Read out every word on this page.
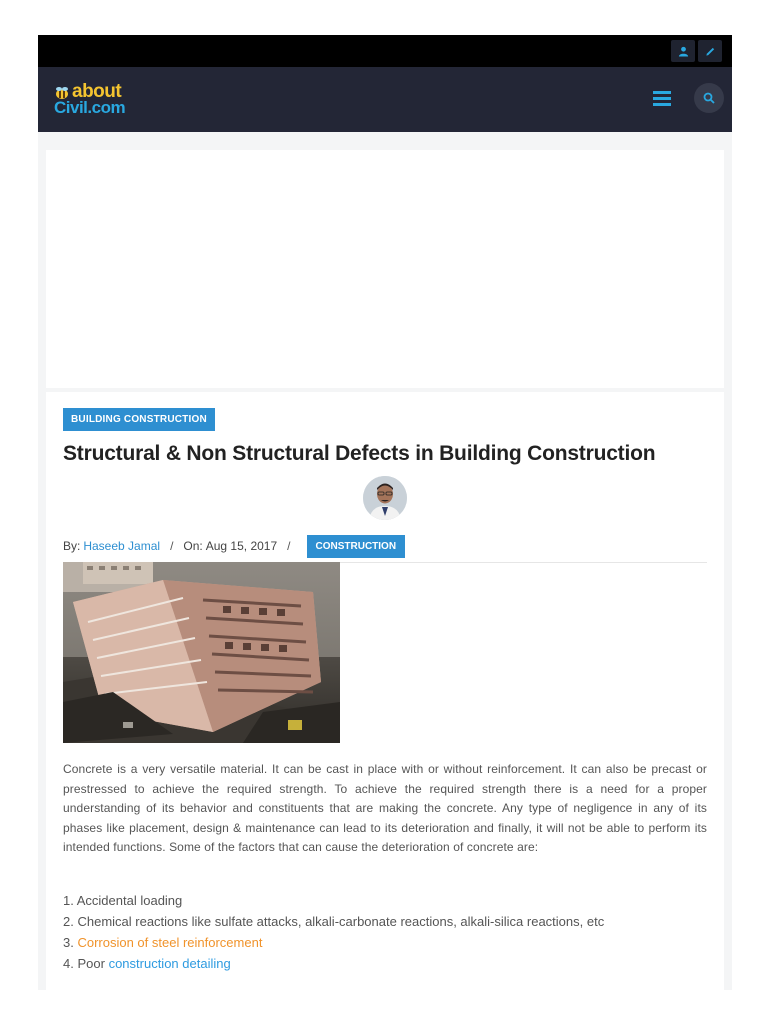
about
Civil.com
BUILDING CONSTRUCTION
Structural & Non Structural Defects in Building Construction
By: Haseeb Jamal / On: Aug 15, 2017 /	CONSTRUCTION

Concrete is a very versatile material. It can be cast in place with or without reinforcement. It can also be precast or prestressed to achieve the required strength. To achieve the required strength there is a need for a proper understanding of its behavior and constituents that are making the concrete. Any type of negligence in any of its phases like placement, design & maintenance can lead to its deterioration and finally, it will not be able to perform its intended functions. Some of the factors that can cause the deterioration of concrete are:

1. Accidental loading
2. Chemical reactions like sulfate attacks, alkali-carbonate reactions, alkali-silica reactions, etc
3. Corrosion of steel reinforcement
4. Poor construction detailing
